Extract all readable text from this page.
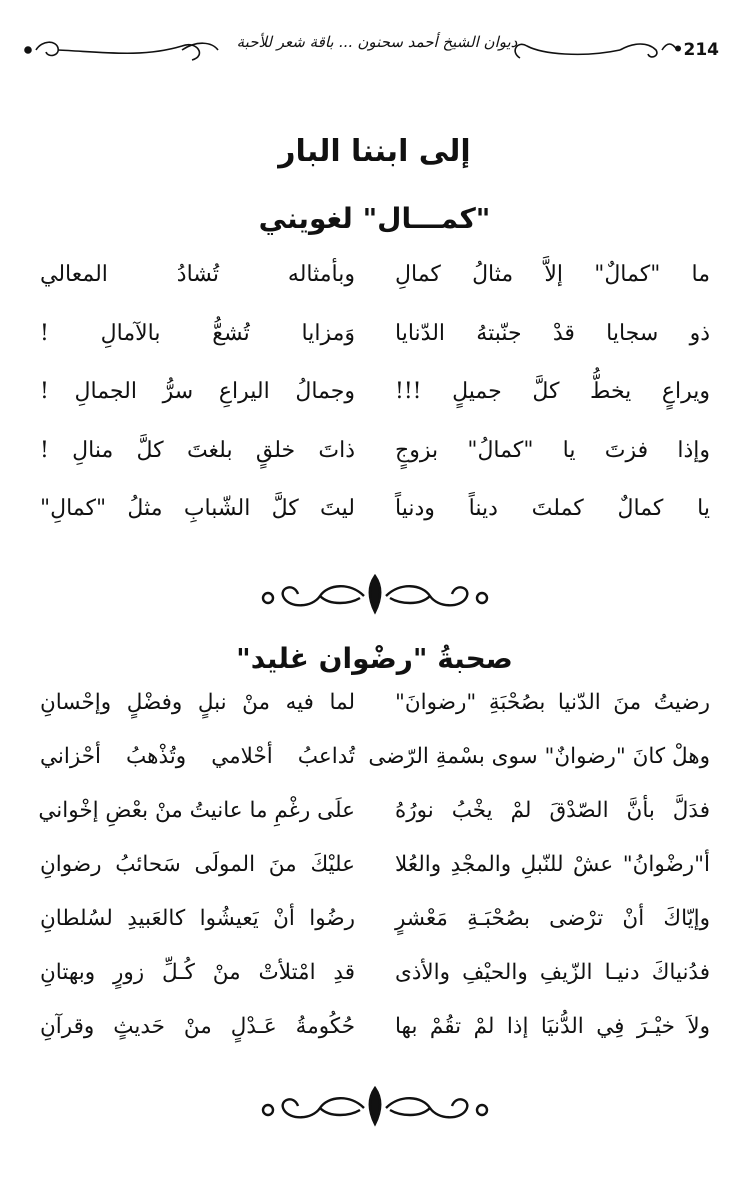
ديوان الشيخ أحمد سحنون ... باقة شعر للأحبة	•214
إلى ابننا البار
"كمـــال" لغويني
ما "كمالٌ" إلاَّ مثالُ كمالِ
وبأمثاله تُشادُ المعالي
ذو سجايا قدْ جنّبتهُ الدّنايا
وَمزايا تُشعُّ بالآمالِ !
ويراعٍ يخطُّ كلَّ جميلٍ !!!
وجمالُ اليراعِ سرُّ الجمالِ !
وإذا فزتَ يا "كمالُ" بزوجٍ
ذاتَ خلقٍ بلغتَ كلَّ منالِ !
يا كمالٌ كملتَ ديناً ودنياً
ليتَ كلَّ الشّبابِ مثلُ "كمالِ"
صحبةُ "رضْوان غليد"
رضيتُ منَ الدّنيا بصُحْبَةِ "رضوانَ"
لما فيه منْ نبلٍ وفضْلٍ وإحْسانِ
وهلْ كانَ "رضوانٌ" سوى بسْمةِ الرّضى
تُداعبُ أحْلامي وتُذْهبُ أحْزاني
فدَلَّ بأنَّ الصّدْقَ لمْ يخْبُ نورُهُ
علَى رغْمِ ما عانيتُ منْ بعْضِ إخْواني
أ"رضْوانُ" عشْ للنّبلِ والمجْدِ والعُلا
عليْكَ منَ المولَى سَحائبُ رضوانِ
وإيّاكَ أنْ ترْضى بصُحْبَـةِ مَعْشرٍ
رضُوا أنْ يَعيشُوا كالعَبيدِ لسُلطانِ
فدُنياكَ دنيـا الزّيفِ والحيْفِ والأذى
قدِ امْتلأتْ منْ كُـلِّ زورٍ وبهتانِ
ولاَ خيْـرَ فِي الدُّنيَا إذا لمْ تقُمْ بها
حُكُومةُ عَـدْلٍ منْ حَديثٍ وقرآنِ
